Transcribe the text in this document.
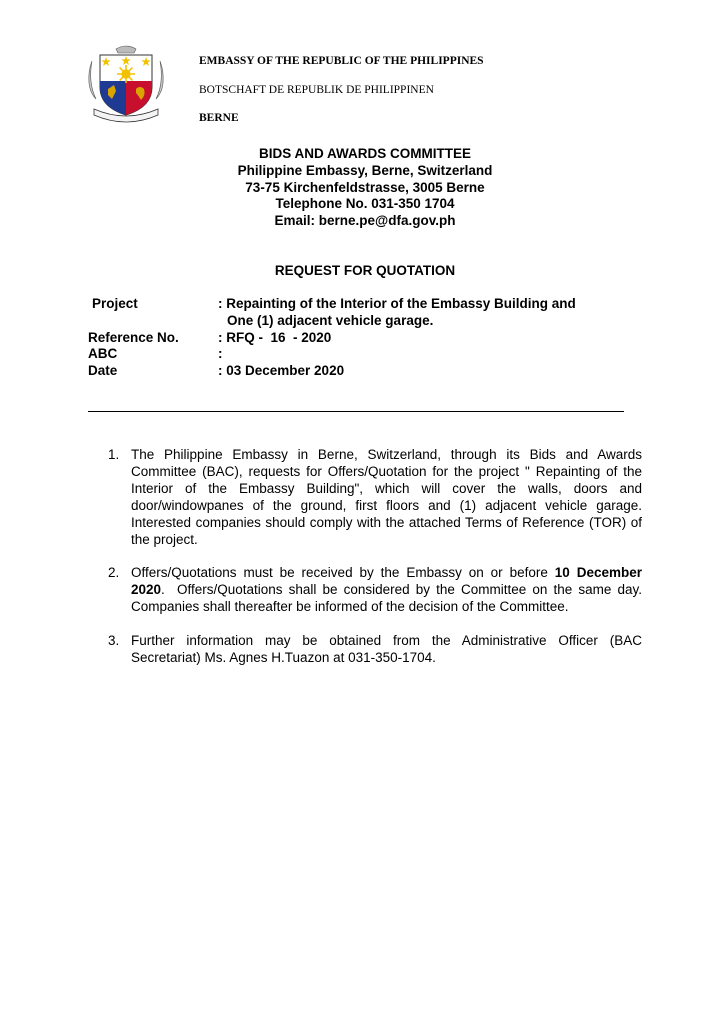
EMBASSY OF THE REPUBLIC OF THE PHILIPPINES
BOTSCHAFT DE REPUBLIK DE PHILIPPINEN
BERNE
BIDS AND AWARDS COMMITTEE
Philippine Embassy, Berne, Switzerland
73-75 Kirchenfeldstrasse, 3005 Berne
Telephone No. 031-350 1704
Email: berne.pe@dfa.gov.ph
REQUEST FOR QUOTATION
Project	: Repainting of the Interior of the Embassy Building and
One (1) adjacent vehicle garage.
Reference No.	: RFQ -  16  - 2020
ABC	:
Date	: 03 December 2020
1. The Philippine Embassy in Berne, Switzerland, through its Bids and Awards Committee (BAC), requests for Offers/Quotation for the project " Repainting of the Interior of the Embassy Building", which will cover the walls, doors and door/windowpanes of the ground, first floors and (1) adjacent vehicle garage. Interested companies should comply with the attached Terms of Reference (TOR) of the project.
2. Offers/Quotations must be received by the Embassy on or before 10 December 2020.  Offers/Quotations shall be considered by the Committee on the same day. Companies shall thereafter be informed of the decision of the Committee.
3. Further information may be obtained from the Administrative Officer (BAC Secretariat) Ms. Agnes H.Tuazon at 031-350-1704.
